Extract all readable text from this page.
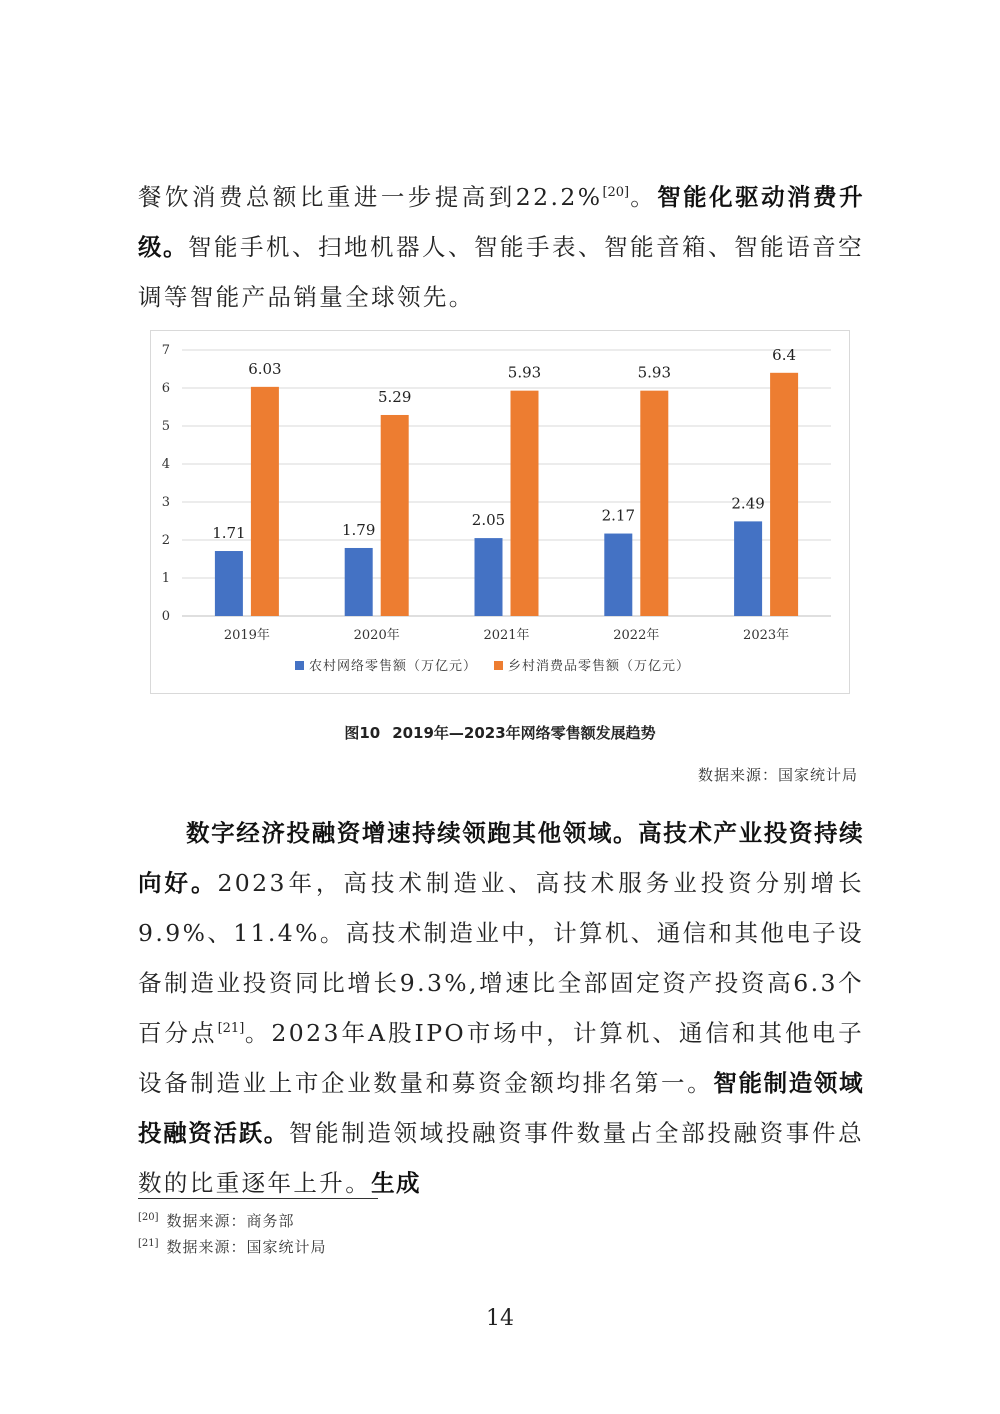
餐饮消费总额比重进一步提高到22.2%[20]。智能化驱动消费升级。智能手机、扫地机器人、智能手表、智能音箱、智能语音空调等智能产品销量全球领先。

0
1
2
3
4
5
6
7
1.71
6.03
2019年
1.79
5.29
2020年
2.05
5.93
2021年
2.17
5.93
2022年
2.49
6.4
2023年
农村网络零售额（万亿元） 乡村消费品零售额（万亿元）
图10 2019年—2023年网络零售额发展趋势
数据来源：国家统计局

数字经济投融资增速持续领跑其他领域。高技术产业投资持续向好。2023年，高技术制造业、高技术服务业投资分别增长9.9%、11.4%。高技术制造业中，计算机、通信和其他电子设备制造业投资同比增长9.3%,增速比全部固定资产投资高6.3个百分点[21]。2023年A股IPO市场中，计算机、通信和其他电子设备制造业上市企业数量和募资金额均排名第一。智能制造领域投融资活跃。智能制造领域投融资事件数量占全部投融资事件总数的比重逐年上升。生成

[20] 数据来源：商务部
[21] 数据来源：国家统计局
14
